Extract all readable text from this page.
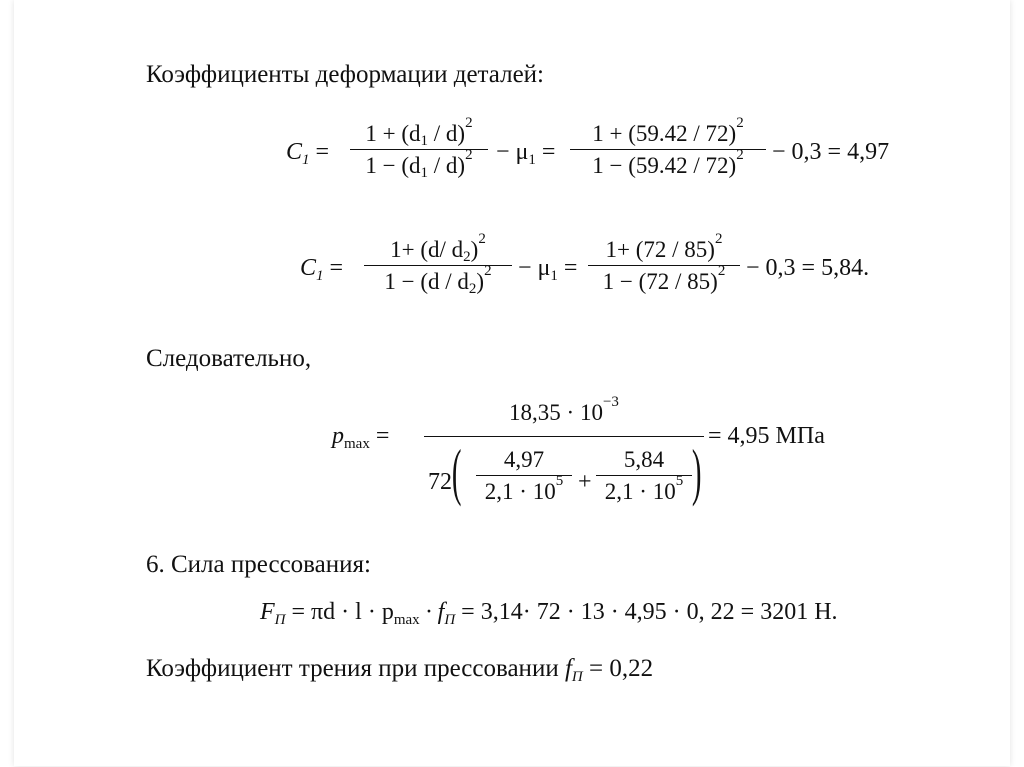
Коэффициенты деформации деталей:
$C_1$ =
$1 + (d_1 / d)^2$
$1 - (d_1 / d)^2 - \mu_1$ =
1 + (59.42 / 72)$^2$
1 − (59.42 / 72)$^2$	− 0,3 = 4,97
$C_1$ =
1+ (d/ $d_2)^2$
$1 - (d / d_2)^2$	− $\mu_1$ =
1+ (72 / 85)$^2$
1 − (72 / 85)$^2$ − 0,3 = 5,84.
Следовательно,
$p_{max}$ =
$18,35 \cdot 10^{-3}$
72 (	4,97
$2,1 \cdot 10^5$ +
5,84
$2,1 \cdot 10^5$ ) = 4,95 МПа
6. Сила прессования:
$F_П = \pi d \cdot l \cdot p_{max} \cdot f_П = 3,14\cdot 72 \cdot 13 \cdot 4,95 \cdot 0$, 22 = 3201 Н.
Коэффициент трения при прессовании $f_П = 0,22$
